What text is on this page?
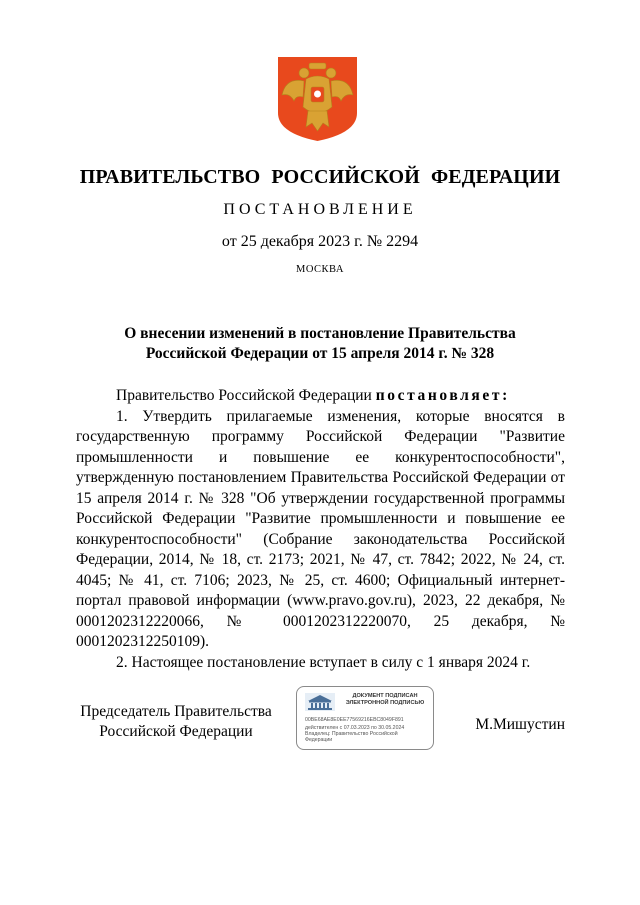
ПРАВИТЕЛЬСТВО РОССИЙСКОЙ ФЕДЕРАЦИИ
ПОСТАНОВЛЕНИЕ
от 25 декабря 2023 г. № 2294
МОСКВА
О внесении изменений в постановление Правительства
Российской Федерации от 15 апреля 2014 г. № 328

Правительство Российской Федерации постановляет:

1. Утвердить прилагаемые изменения, которые вносятся в государственную программу Российской Федерации "Развитие промышленности и повышение ее конкурентоспособности", утвержденную постановлением Правительства Российской Федерации от 15 апреля 2014 г. № 328 "Об утверждении государственной программы Российской Федерации "Развитие промышленности и повышение ее конкурентоспособности" (Собрание законодательства Российской Федерации, 2014, № 18, ст. 2173; 2021, № 47, ст. 7842; 2022, № 24, ст. 4045; № 41, ст. 7106; 2023, № 25, ст. 4600; Официальный интернет-портал правовой информации (www.pravo.gov.ru), 2023, 22 декабря, № 0001202312220066, № 0001202312220070, 25 декабря, № 0001202312250109).

2. Настоящее постановление вступает в силу с 1 января 2024 г.

Председатель Правительства
Российской Федерации
ДОКУМЕНТ ПОДПИСАН
ЭЛЕКТРОННОЙ ПОДПИСЬЮ
00BE68AE8E0EE77569216EBC8049F891
действителен с 07.03.2023 по 30.05.2024
Владелец: Правительство Российской
Федерации
М.Мишустин
